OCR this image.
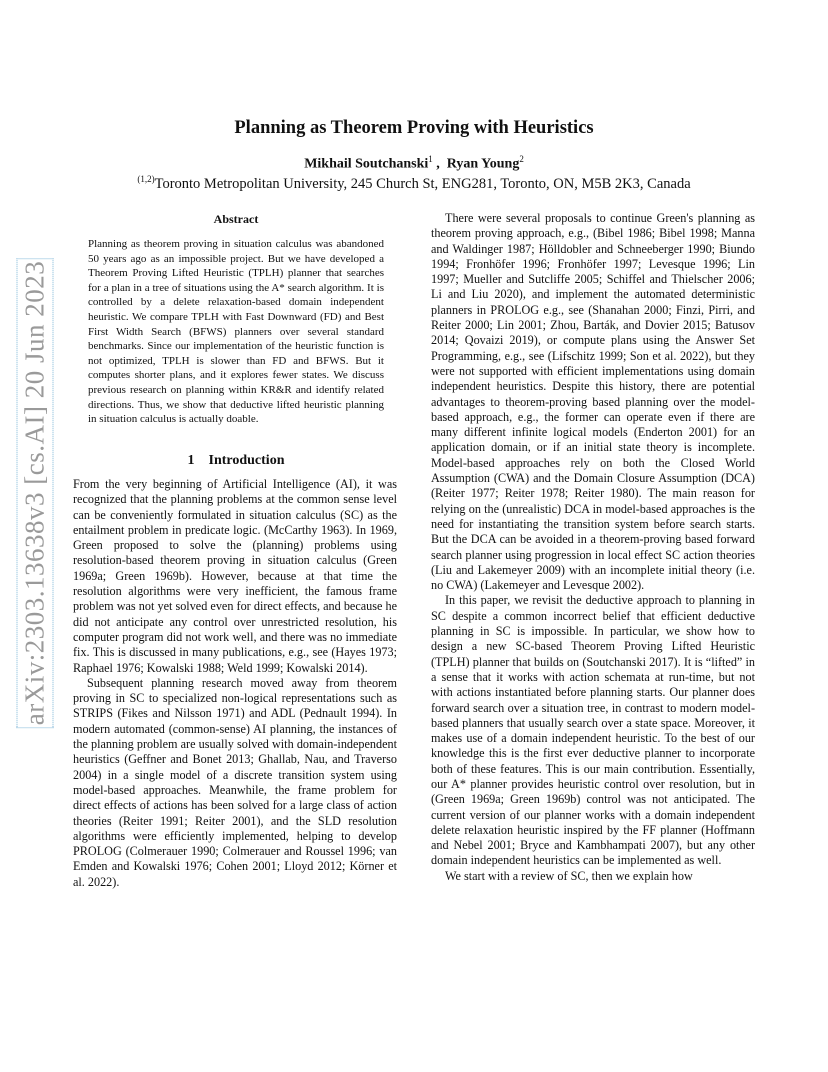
arXiv:2303.13638v3 [cs.AI] 20 Jun 2023
Planning as Theorem Proving with Heuristics
Mikhail Soutchanski$^1$ , Ryan Young$^2$
$^{(1,2)}$Toronto Metropolitan University, 245 Church St, ENG281, Toronto, ON, M5B 2K3, Canada
Abstract
Planning as theorem proving in situation calculus was abandoned 50 years ago as an impossible project. But we have developed a Theorem Proving Lifted Heuristic (TPLH) planner that searches for a plan in a tree of situations using the A* search algorithm. It is controlled by a delete relaxation-based domain independent heuristic. We compare TPLH with Fast Downward (FD) and Best First Width Search (BFWS) planners over several standard benchmarks. Since our implementation of the heuristic function is not optimized, TPLH is slower than FD and BFWS. But it computes shorter plans, and it explores fewer states. We discuss previous research on planning within KR&R and identify related directions. Thus, we show that deductive lifted heuristic planning in situation calculus is actually doable.
1 Introduction

From the very beginning of Artificial Intelligence (AI), it was recognized that the planning problems at the common sense level can be conveniently formulated in situation calculus (SC) as the entailment problem in predicate logic. (McCarthy 1963). In 1969, Green proposed to solve the (planning) problems using resolution-based theorem proving in situation calculus (Green 1969a; Green 1969b). However, because at that time the resolution algorithms were very inefficient, the famous frame problem was not yet solved even for direct effects, and because he did not anticipate any control over unrestricted resolution, his computer program did not work well, and there was no immediate fix. This is discussed in many publications, e.g., see (Hayes 1973; Raphael 1976; Kowalski 1988; Weld 1999; Kowalski 2014).

Subsequent planning research moved away from theorem proving in SC to specialized non-logical representations such as STRIPS (Fikes and Nilsson 1971) and ADL (Pednault 1994). In modern automated (common-sense) AI planning, the instances of the planning problem are usually solved with domain-independent heuristics (Geffner and Bonet 2013; Ghallab, Nau, and Traverso 2004) in a single model of a discrete transition system using model-based approaches. Meanwhile, the frame problem for direct effects of actions has been solved for a large class of action theories (Reiter 1991; Reiter 2001), and the SLD resolution algorithms were efficiently implemented, helping to develop PROLOG (Colmerauer 1990; Colmerauer and Roussel 1996; van Emden and Kowalski 1976; Cohen 2001; Lloyd 2012; Körner et al. 2022).

There were several proposals to continue Green's planning as theorem proving approach, e.g., (Bibel 1986; Bibel 1998; Manna and Waldinger 1987; Hölldobler and Schneeberger 1990; Biundo 1994; Fronhöfer 1996; Fronhöfer 1997; Levesque 1996; Lin 1997; Mueller and Sutcliffe 2005; Schiffel and Thielscher 2006; Li and Liu 2020), and implement the automated deterministic planners in PROLOG e.g., see (Shanahan 2000; Finzi, Pirri, and Reiter 2000; Lin 2001; Zhou, Barták, and Dovier 2015; Batusov 2014; Qovaizi 2019), or compute plans using the Answer Set Programming, e.g., see (Lifschitz 1999; Son et al. 2022), but they were not supported with efficient implementations using domain independent heuristics. Despite this history, there are potential advantages to theorem-proving based planning over the model-based approach, e.g., the former can operate even if there are many different infinite logical models (Enderton 2001) for an application domain, or if an initial state theory is incomplete. Model-based approaches rely on both the Closed World Assumption (CWA) and the Domain Closure Assumption (DCA) (Reiter 1977; Reiter 1978; Reiter 1980). The main reason for relying on the (unrealistic) DCA in model-based approaches is the need for instantiating the transition system before search starts. But the DCA can be avoided in a theorem-proving based forward search planner using progression in local effect SC action theories (Liu and Lakemeyer 2009) with an incomplete initial theory (i.e. no CWA) (Lakemeyer and Levesque 2002).

In this paper, we revisit the deductive approach to planning in SC despite a common incorrect belief that efficient deductive planning in SC is impossible. In particular, we show how to design a new SC-based Theorem Proving Lifted Heuristic (TPLH) planner that builds on (Soutchanski 2017). It is “lifted” in a sense that it works with action schemata at run-time, but not with actions instantiated before planning starts. Our planner does forward search over a situation tree, in contrast to modern model-based planners that usually search over a state space. Moreover, it makes use of a domain independent heuristic. To the best of our knowledge this is the first ever deductive planner to incorporate both of these features. This is our main contribution. Essentially, our A* planner provides heuristic control over resolution, but in (Green 1969a; Green 1969b) control was not anticipated. The current version of our planner works with a domain independent delete relaxation heuristic inspired by the FF planner (Hoffmann and Nebel 2001; Bryce and Kambhampati 2007), but any other domain independent heuristics can be implemented as well.

We start with a review of SC, then we explain how
